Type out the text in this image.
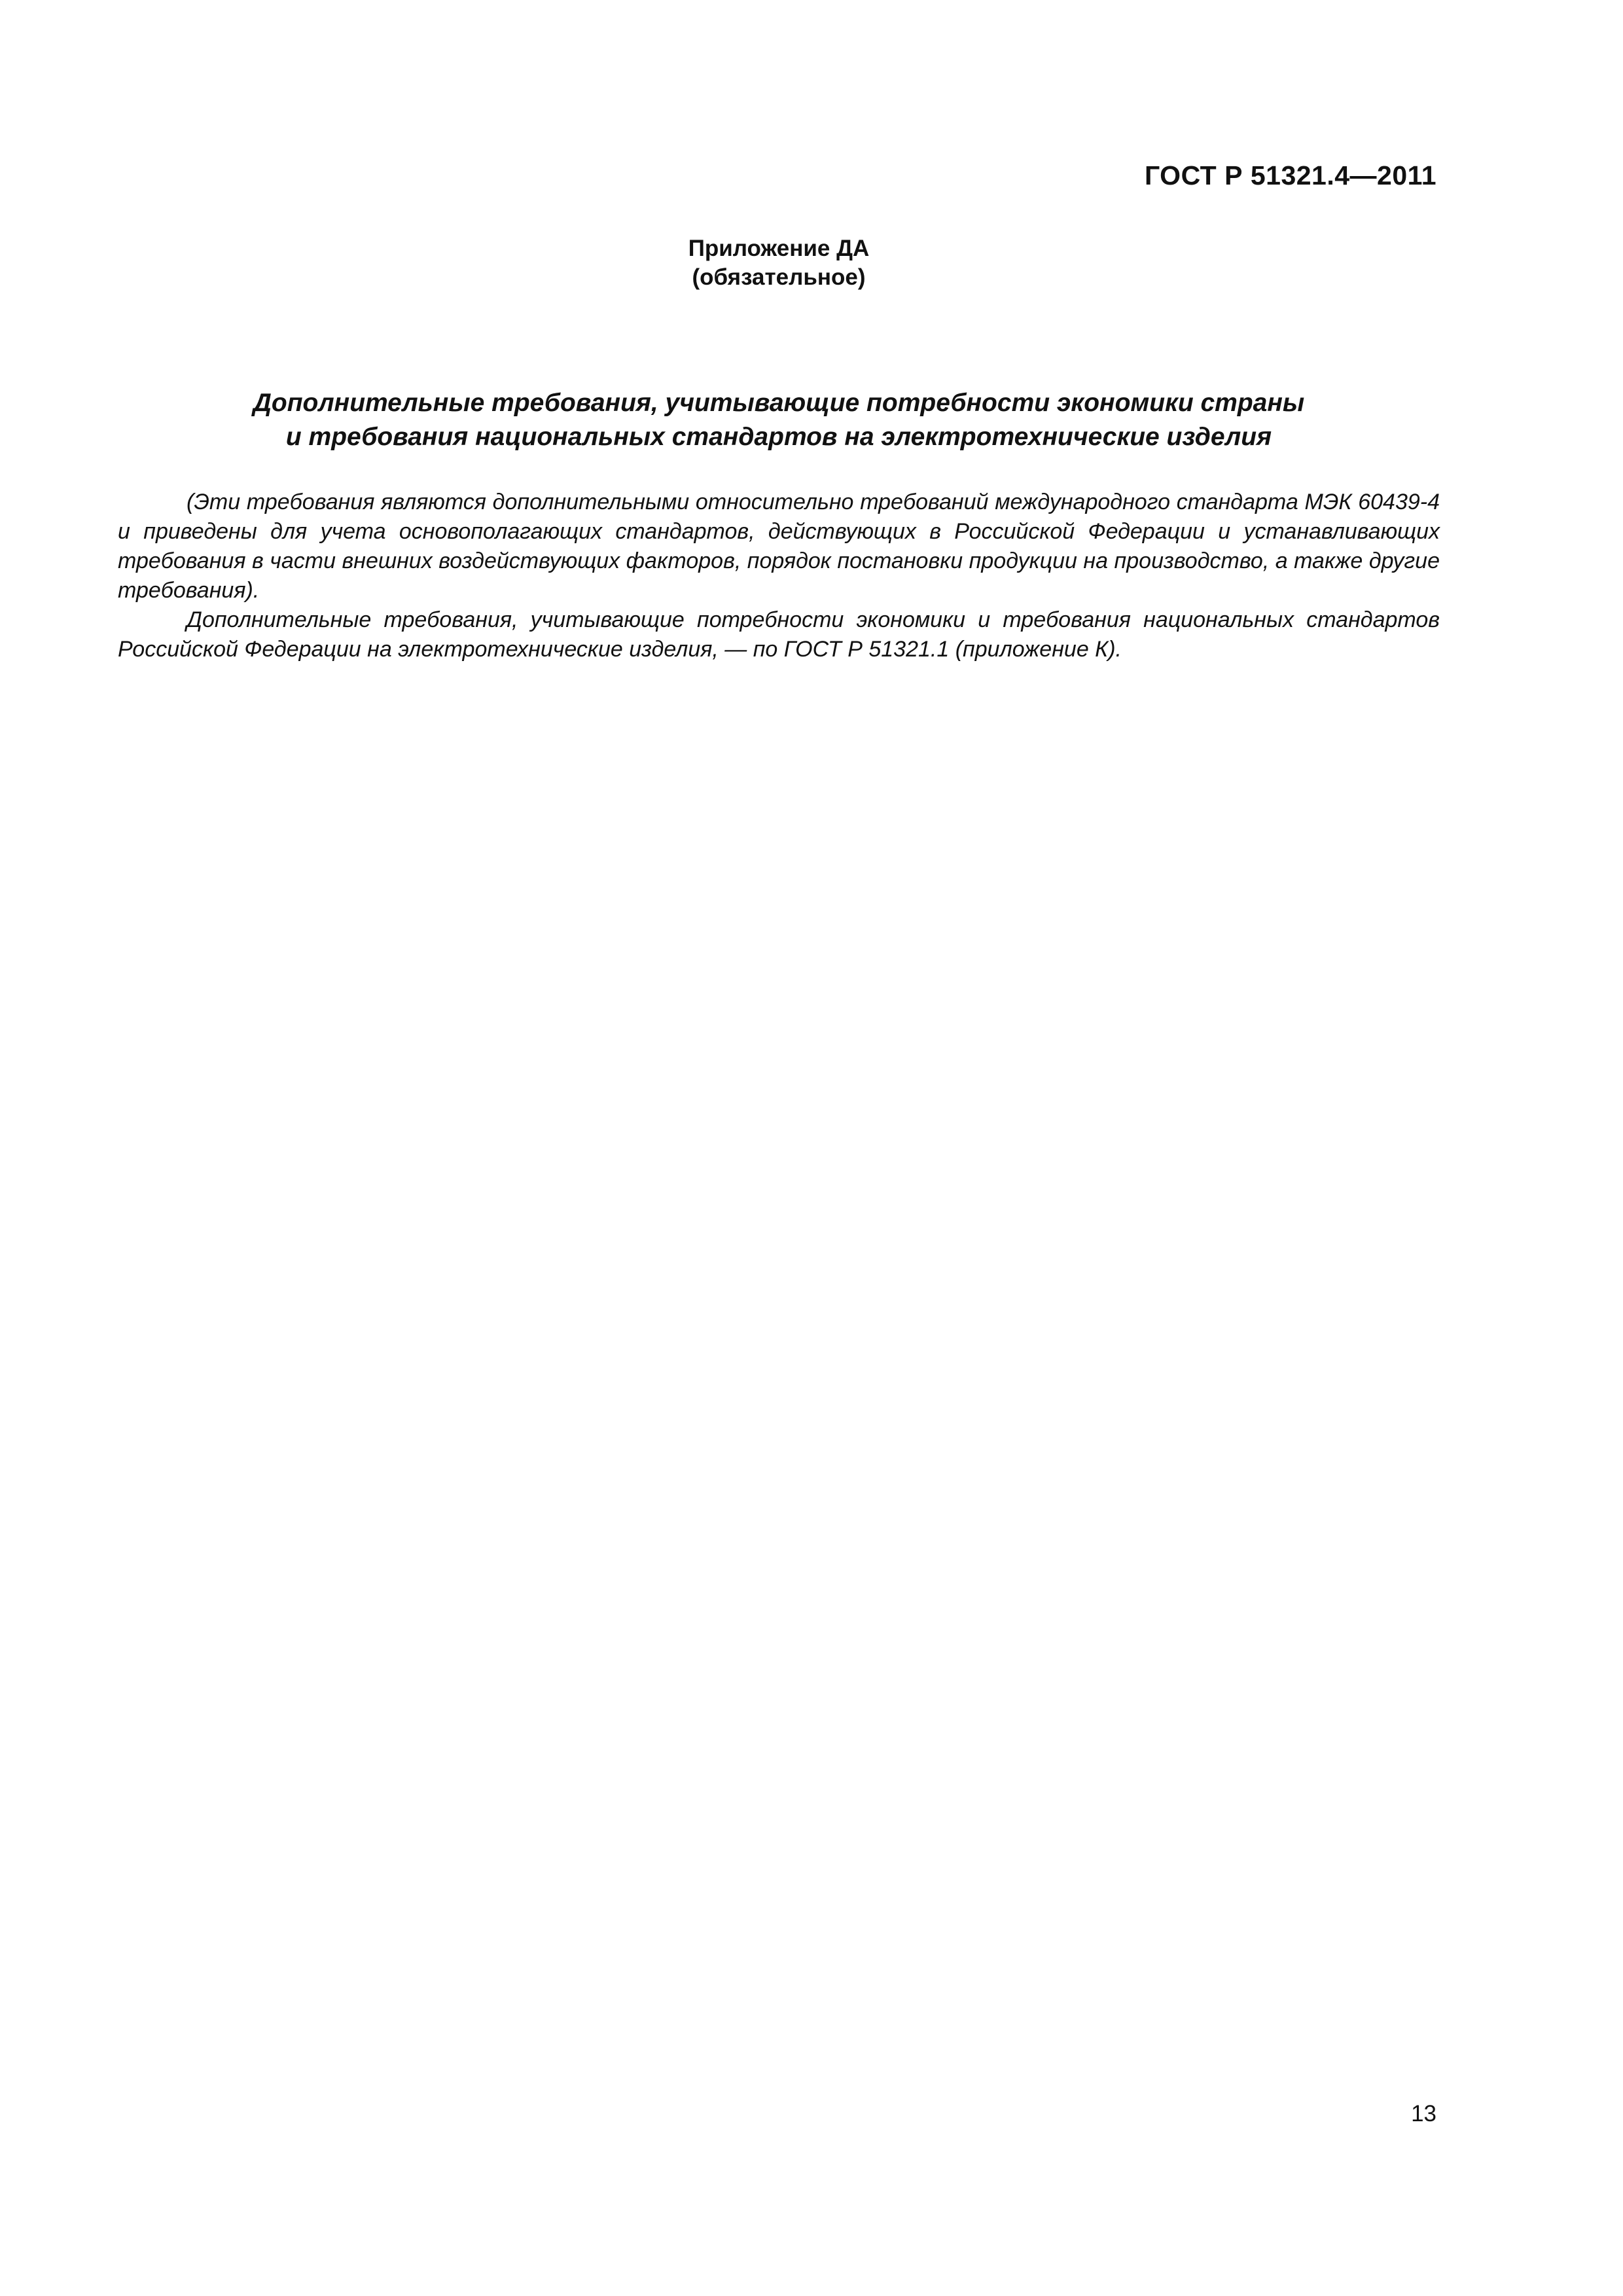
ГОСТ Р 51321.4—2011
Приложение ДА
(обязательное)
Дополнительные требования, учитывающие потребности экономики страны
и требования национальных стандартов на электротехнические изделия

(Эти требования являются дополнительными относительно требований международного стандарта МЭК 60439-4 и приведены для учета основополагающих стандартов, действующих в Российской Федерации и устанавливающих требования в части внешних воздействующих факторов, порядок постановки продукции на производство, а также другие требования).

Дополнительные требования, учитывающие потребности экономики и требования национальных стандартов Российской Федерации на электротехнические изделия, — по ГОСТ Р 51321.1 (приложение К).

13
